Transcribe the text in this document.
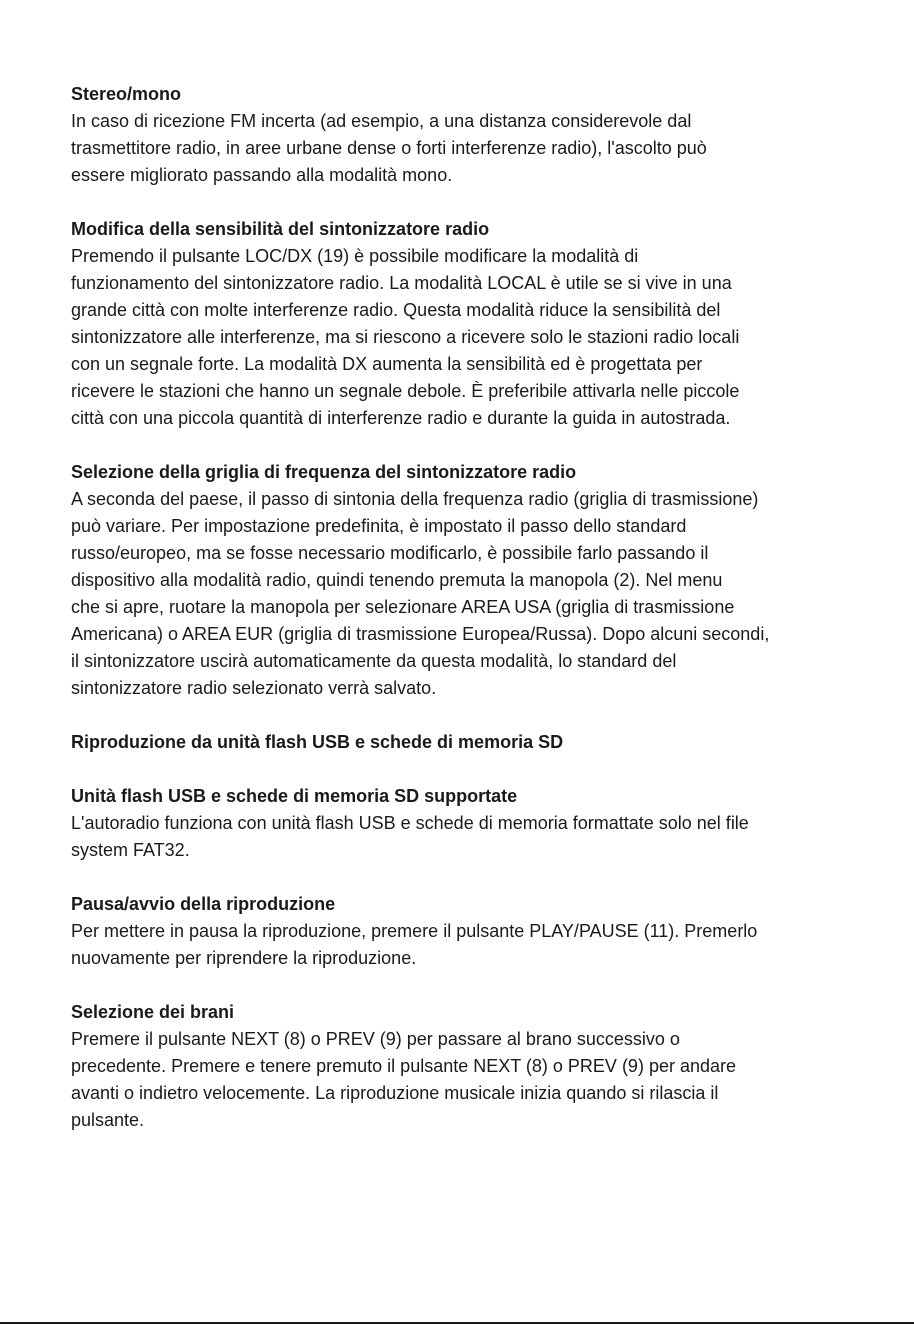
Stereo/mono

In caso di ricezione FM incerta (ad esempio, a una distanza considerevole dal
trasmettitore radio, in aree urbane dense o forti interferenze radio), l'ascolto può
essere migliorato passando alla modalità mono.

Modifica della sensibilità del sintonizzatore radio

Premendo il pulsante LOC/DX (19) è possibile modificare la modalità di
funzionamento del sintonizzatore radio. La modalità LOCAL è utile se si vive in una
grande città con molte interferenze radio. Questa modalità riduce la sensibilità del
sintonizzatore alle interferenze, ma si riescono a ricevere solo le stazioni radio locali
con un segnale forte. La modalità DX aumenta la sensibilità ed è progettata per
ricevere le stazioni che hanno un segnale debole. È preferibile attivarla nelle piccole
città con una piccola quantità di interferenze radio e durante la guida in autostrada.

Selezione della griglia di frequenza del sintonizzatore radio

A seconda del paese, il passo di sintonia della frequenza radio (griglia di trasmissione)
può variare. Per impostazione predefinita, è impostato il passo dello standard
russo/europeo, ma se fosse necessario modificarlo, è possibile farlo passando il
dispositivo alla modalità radio, quindi tenendo premuta la manopola (2). Nel menu
che si apre, ruotare la manopola per selezionare AREA USA (griglia di trasmissione
Americana) o AREA EUR (griglia di trasmissione Europea/Russa). Dopo alcuni secondi,
il sintonizzatore uscirà automaticamente da questa modalità, lo standard del
sintonizzatore radio selezionato verrà salvato.

Riproduzione da unità flash USB e schede di memoria SD

Unità flash USB e schede di memoria SD supportate

L'autoradio funziona con unità flash USB e schede di memoria formattate solo nel file
system FAT32.

Pausa/avvio della riproduzione

Per mettere in pausa la riproduzione, premere il pulsante PLAY/PAUSE (11). Premerlo
nuovamente per riprendere la riproduzione.

Selezione dei brani

Premere il pulsante NEXT (8) o PREV (9) per passare al brano successivo o
precedente. Premere e tenere premuto il pulsante NEXT (8) o PREV (9) per andare
avanti o indietro velocemente. La riproduzione musicale inizia quando si rilascia il
pulsante.
